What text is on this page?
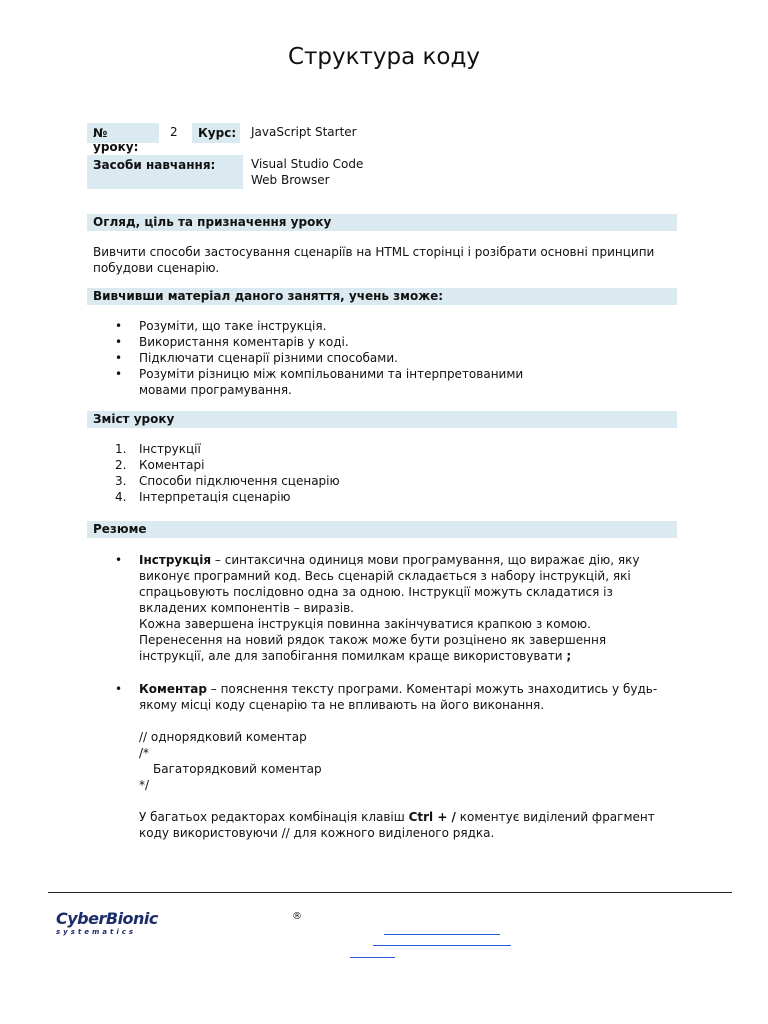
Структура коду
№ уроку:
2	Курс:	JavaScript Starter
Засоби навчання:	Visual Studio Code
Web Browser
Огляд, ціль та призначення уроку
Вивчити способи застосування сценаріїв на HTML сторінці і розібрати основні принципи побудови сценарію.
Вивчивши матеріал даного заняття, учень зможе:
• Розуміти, що таке інструкція.
• Використання коментарів у коді.
• Підключати сценарії різними способами.
• Розуміти різницю між компільованими та інтерпретованими мовами програмування.
Зміст уроку
1. Інструкції
2. Коментарі
3. Способи підключення сценарію
4. Інтерпретація сценарію
Резюме
• Інструкція – синтаксична одиниця мови програмування, що виражає дію, яку виконує програмний код. Весь сценарій складається з набору інструкцій, які спрацьовують послідовно одна за одною. Інструкції можуть складатися із вкладених компонентів – виразів.

Кожна завершена інструкція повинна закінчуватися крапкою з комою. Перенесення на новий рядок також може бути розцінено як завершення інструкції, але для запобігання помилкам краще використовувати ;

• Коментар – пояснення тексту програми. Коментарі можуть знаходитись у будь-якому місці коду сценарію та не впливають на його виконання.

// однорядковий коментар

/*

Багаторядковий коментар

*/

У багатьох редакторах комбінація клавіш Ctrl + / коментує виділений фрагмент коду використовуючи // для кожного виділеного рядка.

CyberBionic
systematics
®
